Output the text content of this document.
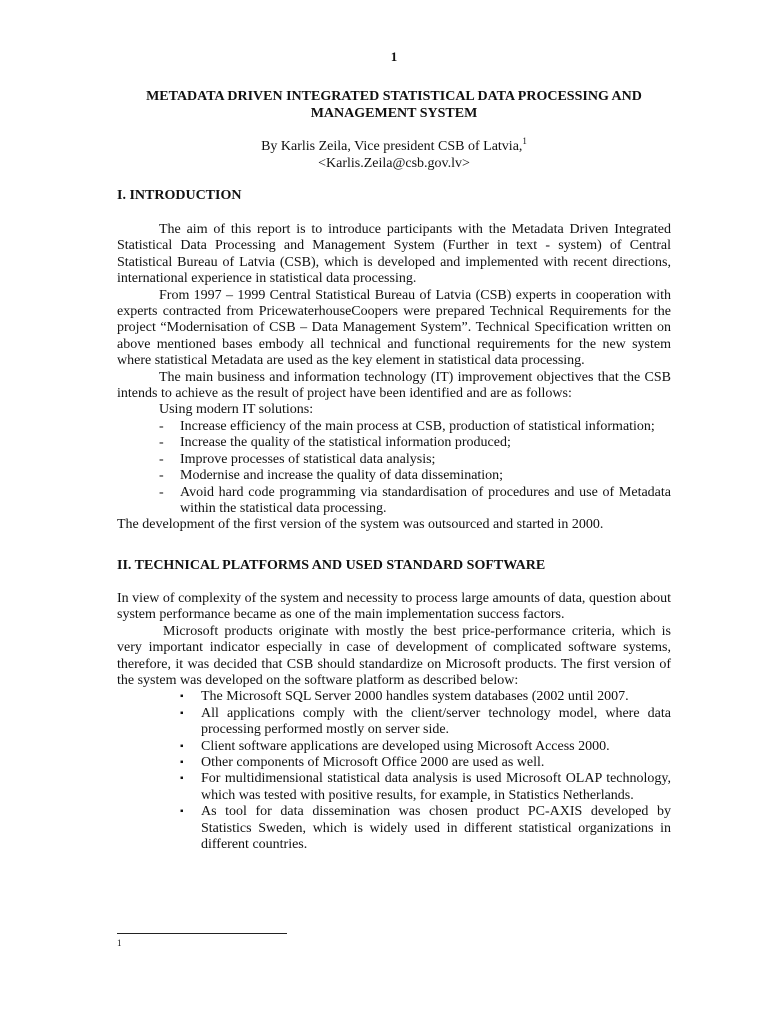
1

METADATA DRIVEN INTEGRATED STATISTICAL DATA PROCESSING AND
MANAGEMENT SYSTEM

By Karlis Zeila, Vice president CSB of Latvia,$^1$
<Karlis.Zeila@csb.gov.lv>

I. INTRODUCTION

The aim of this report is to introduce participants with the Metadata Driven Integrated Statistical Data Processing and Management System (Further in text - system) of Central Statistical Bureau of Latvia (CSB), which is developed and implemented with recent directions, international experience in statistical data processing.

From 1997 – 1999 Central Statistical Bureau of Latvia (CSB) experts in cooperation with experts contracted from PricewaterhouseCoopers were prepared Technical Requirements for the project “Modernisation of CSB – Data Management System”. Technical Specification written on above mentioned bases embody all technical and functional requirements for the new system where statistical Metadata are used as the key element in statistical data processing.

The main business and information technology (IT) improvement objectives that the CSB intends to achieve as the result of project have been identified and are as follows:

Using modern IT solutions:

- Increase efficiency of the main process at CSB, production of statistical information;
- Increase the quality of the statistical information produced;
- Improve processes of statistical data analysis;
- Modernise and increase the quality of data dissemination;
- Avoid hard code programming via standardisation of procedures and use of Metadata within the statistical data processing.

The development of the first version of the system was outsourced and started in 2000.

II. TECHNICAL PLATFORMS AND USED STANDARD SOFTWARE

In view of complexity of the system and necessity to process large amounts of data, question about system performance became as one of the main implementation success factors.

Microsoft products originate with mostly the best price-performance criteria, which is very important indicator especially in case of development of complicated software systems, therefore, it was decided that CSB should standardize on Microsoft products. The first version of the system was developed on the software platform as described below:

▪ The Microsoft SQL Server 2000 handles system databases (2002 until 2007.
▪ All applications comply with the client/server technology model, where data processing performed mostly on server side.
▪ Client software applications are developed using Microsoft Access 2000.
▪ Other components of Microsoft Office 2000 are used as well.
▪ For multidimensional statistical data analysis is used Microsoft OLAP technology, which was tested with positive results, for example, in Statistics Netherlands.
▪ As tool for data dissemination was chosen product PC-AXIS developed by Statistics Sweden, which is widely used in different statistical organizations in different countries.

1
